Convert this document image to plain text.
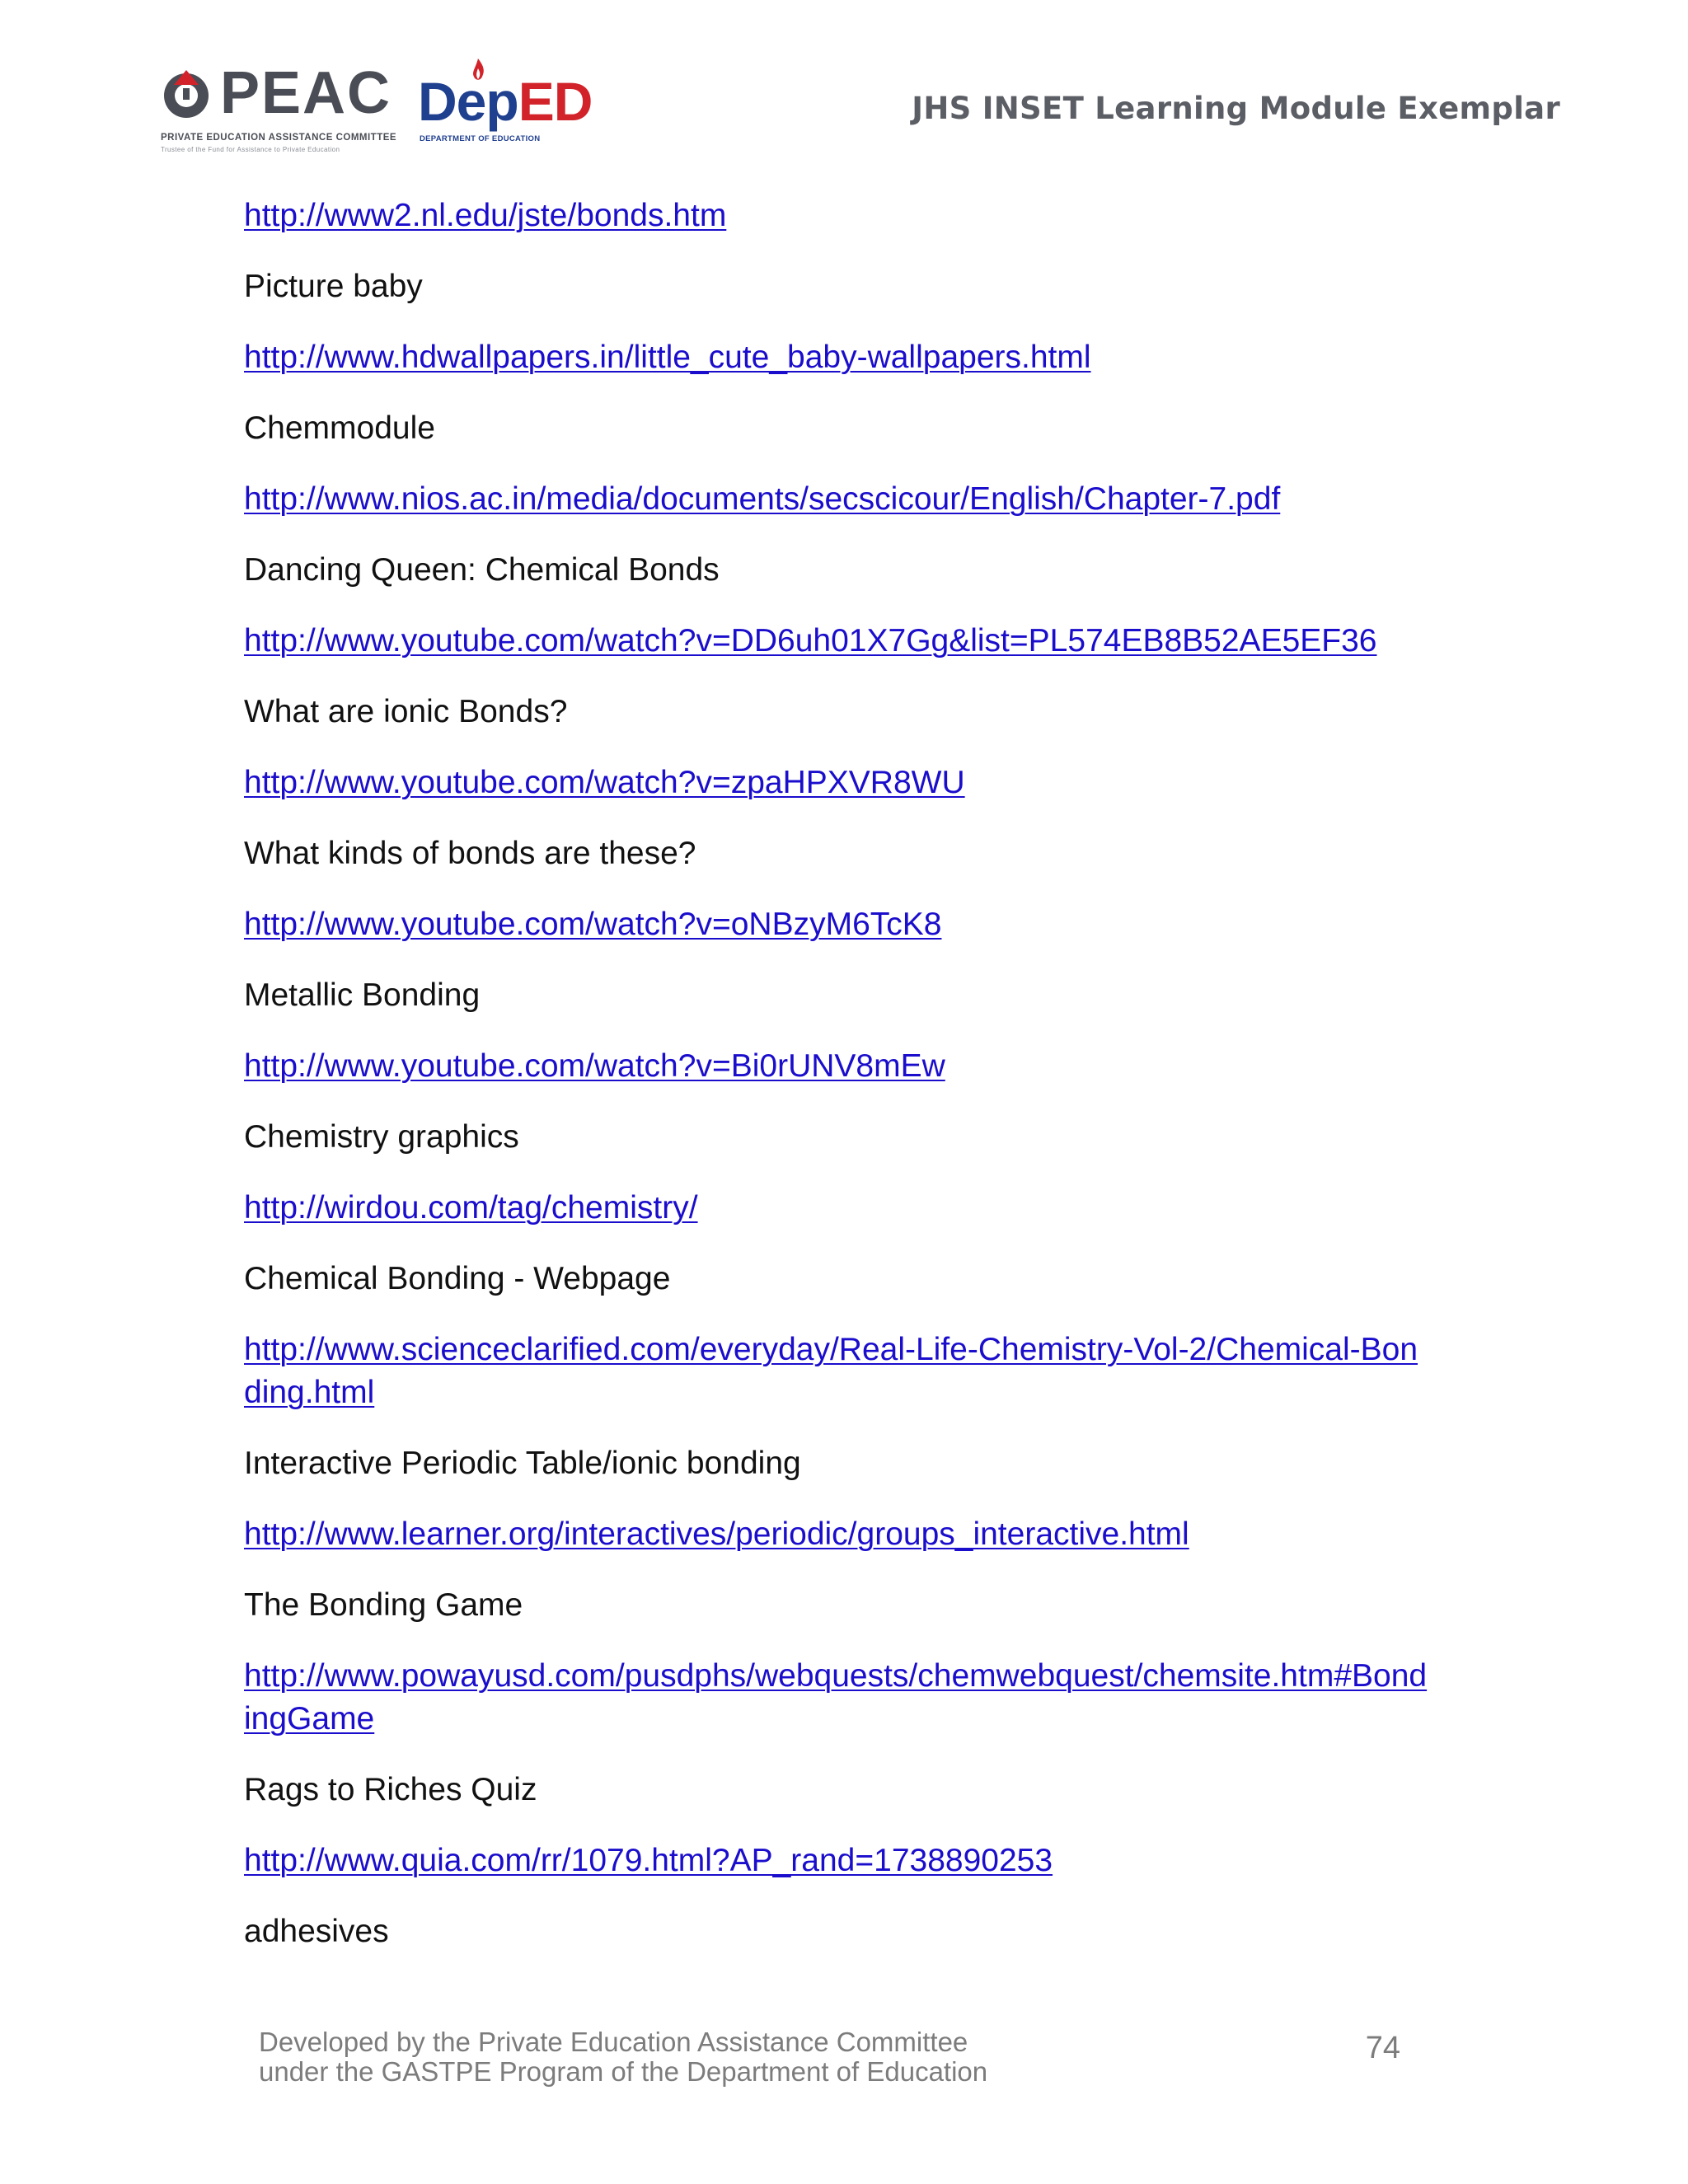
PEAC
PRIVATE EDUCATION ASSISTANCE COMMITTEE
Trustee of the Fund for Assistance to Private Education
DepED
DEPARTMENT OF EDUCATION
JHS INSET Learning Module Exemplar
http://www2.nl.edu/jste/bonds.htm
Picture baby
http://www.hdwallpapers.in/little_cute_baby-wallpapers.html
Chemmodule
http://www.nios.ac.in/media/documents/secscicour/English/Chapter-7.pdf
Dancing Queen: Chemical Bonds
http://www.youtube.com/watch?v=DD6uh01X7Gg&list=PL574EB8B52AE5EF36
What are ionic Bonds?
http://www.youtube.com/watch?v=zpaHPXVR8WU
What kinds of bonds are these?
http://www.youtube.com/watch?v=oNBzyM6TcK8
Metallic Bonding
http://www.youtube.com/watch?v=Bi0rUNV8mEw
Chemistry graphics
http://wirdou.com/tag/chemistry/
Chemical Bonding - Webpage
http://www.scienceclarified.com/everyday/Real-Life-Chemistry-Vol-2/Chemical-Bonding.html
Interactive Periodic Table/ionic bonding
http://www.learner.org/interactives/periodic/groups_interactive.html
The Bonding Game
http://www.powayusd.com/pusdphs/webquests/chemwebquest/chemsite.htm#BondingGame
Rags to Riches Quiz
http://www.quia.com/rr/1079.html?AP_rand=1738890253
adhesives
Developed by the Private Education Assistance Committee
under the GASTPE Program of the Department of Education
74
